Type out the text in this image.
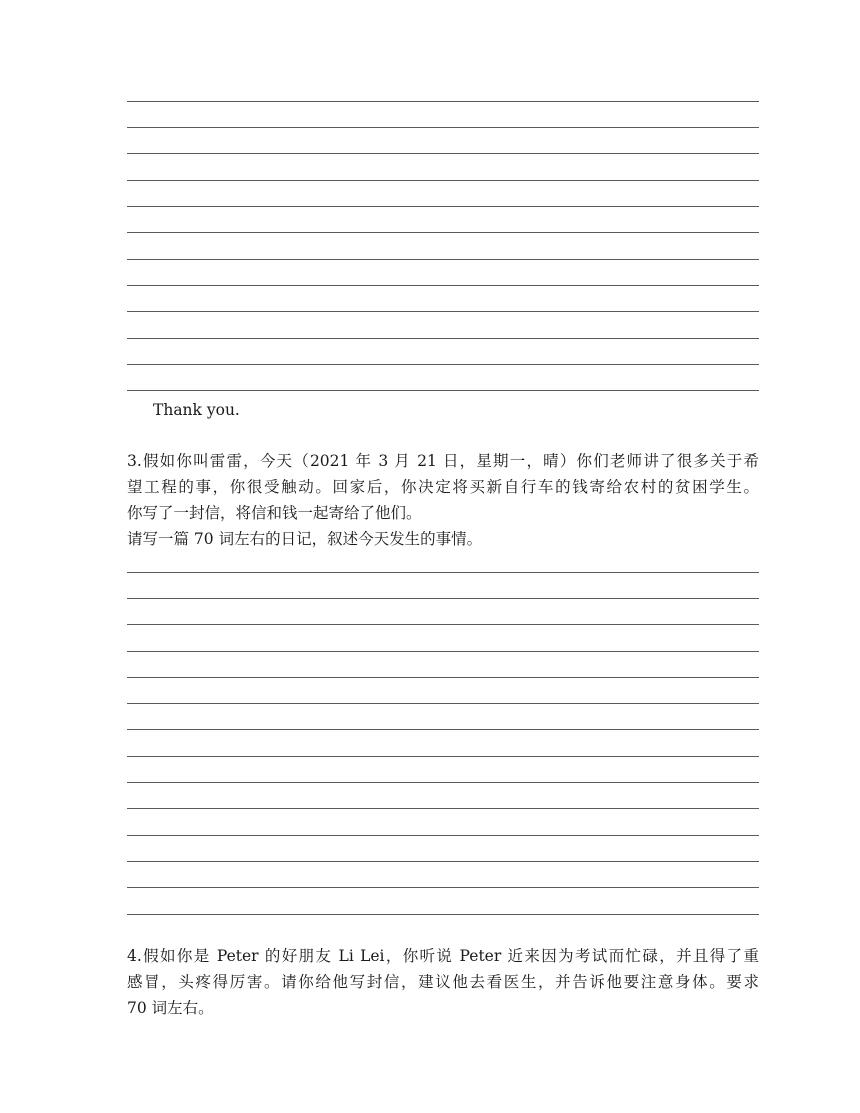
Thank you.
3.假如你叫雷雷，今天（2021 年 3 月 21 日，星期一，晴）你们老师讲了很多关于希
望工程的事，你很受触动。回家后，你决定将买新自行车的钱寄给农村的贫困学生。
你写了一封信，将信和钱一起寄给了他们。
请写一篇 70 词左右的日记，叙述今天发生的事情。
4.假如你是 Peter 的好朋友 Li Lei，你听说 Peter 近来因为考试而忙碌，并且得了重
感冒，头疼得厉害。请你给他写封信，建议他去看医生，并告诉他要注意身体。要求
70 词左右。
